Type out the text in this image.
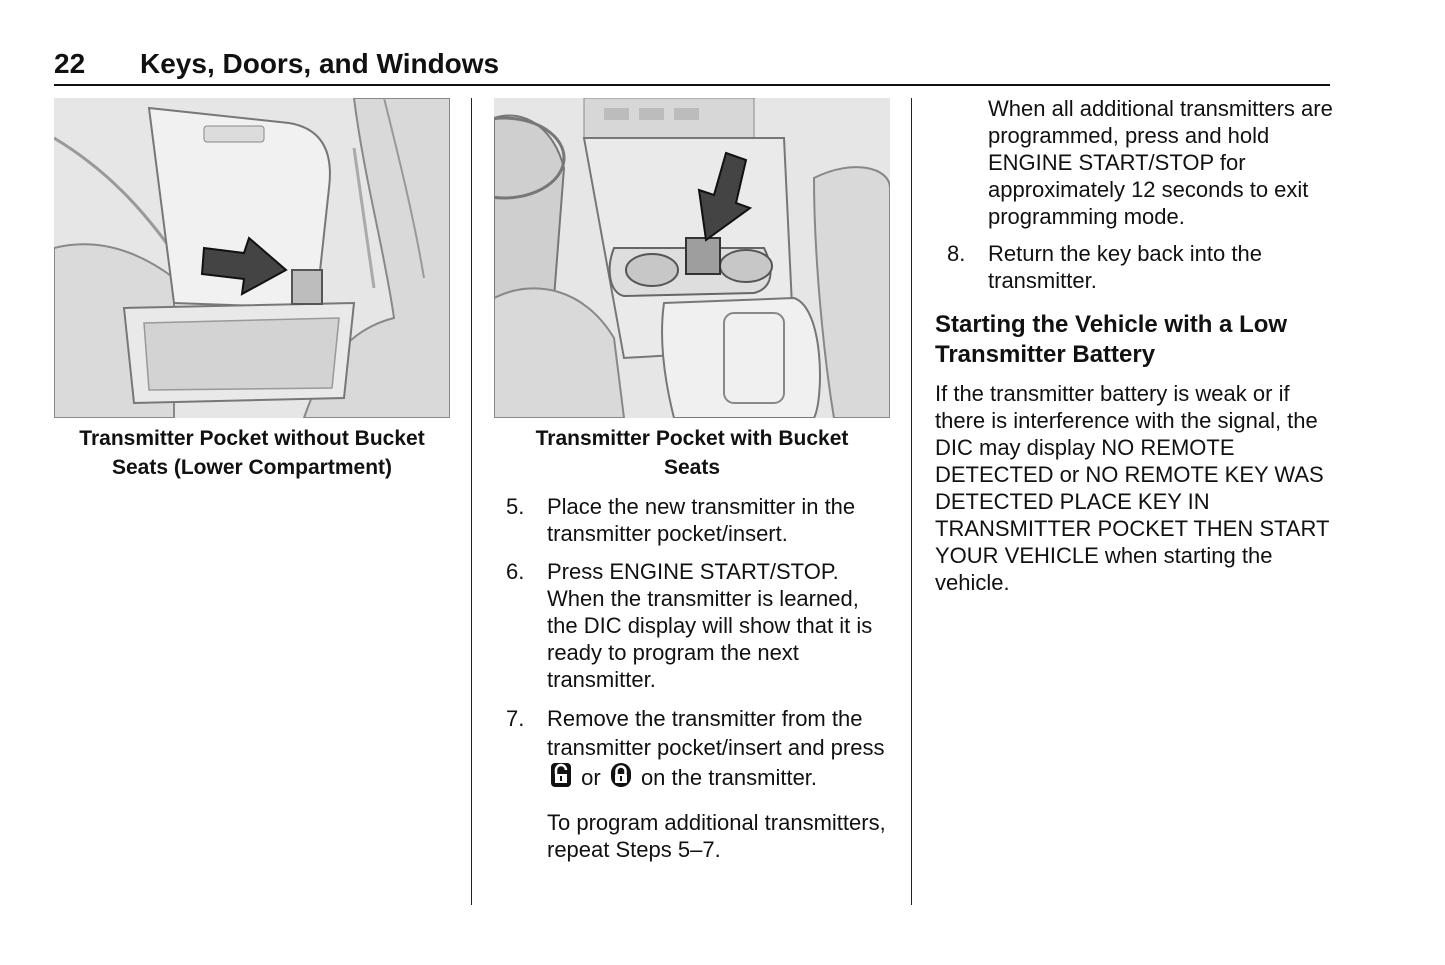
22 Keys, Doors, and Windows
Transmitter Pocket without Bucket
Seats (Lower Compartment)
Transmitter Pocket with Bucket
Seats
5. Place the new transmitter in the transmitter pocket/insert.
6. Press ENGINE START/STOP. When the transmitter is learned, the DIC display will show that it is ready to program the next transmitter.
7. Remove the transmitter from the transmitter pocket/insert and press  or on the transmitter.
To program additional transmitters, repeat Steps 5–7.
When all additional transmitters are programmed, press and hold ENGINE START/STOP for approximately 12 seconds to exit programming mode.
8. Return the key back into the transmitter.
Starting the Vehicle with a Low
Transmitter Battery
If the transmitter battery is weak or if there is interference with the signal, the DIC may display NO REMOTE DETECTED or NO REMOTE KEY WAS DETECTED PLACE KEY IN TRANSMITTER POCKET THEN START YOUR VEHICLE when starting the vehicle.
